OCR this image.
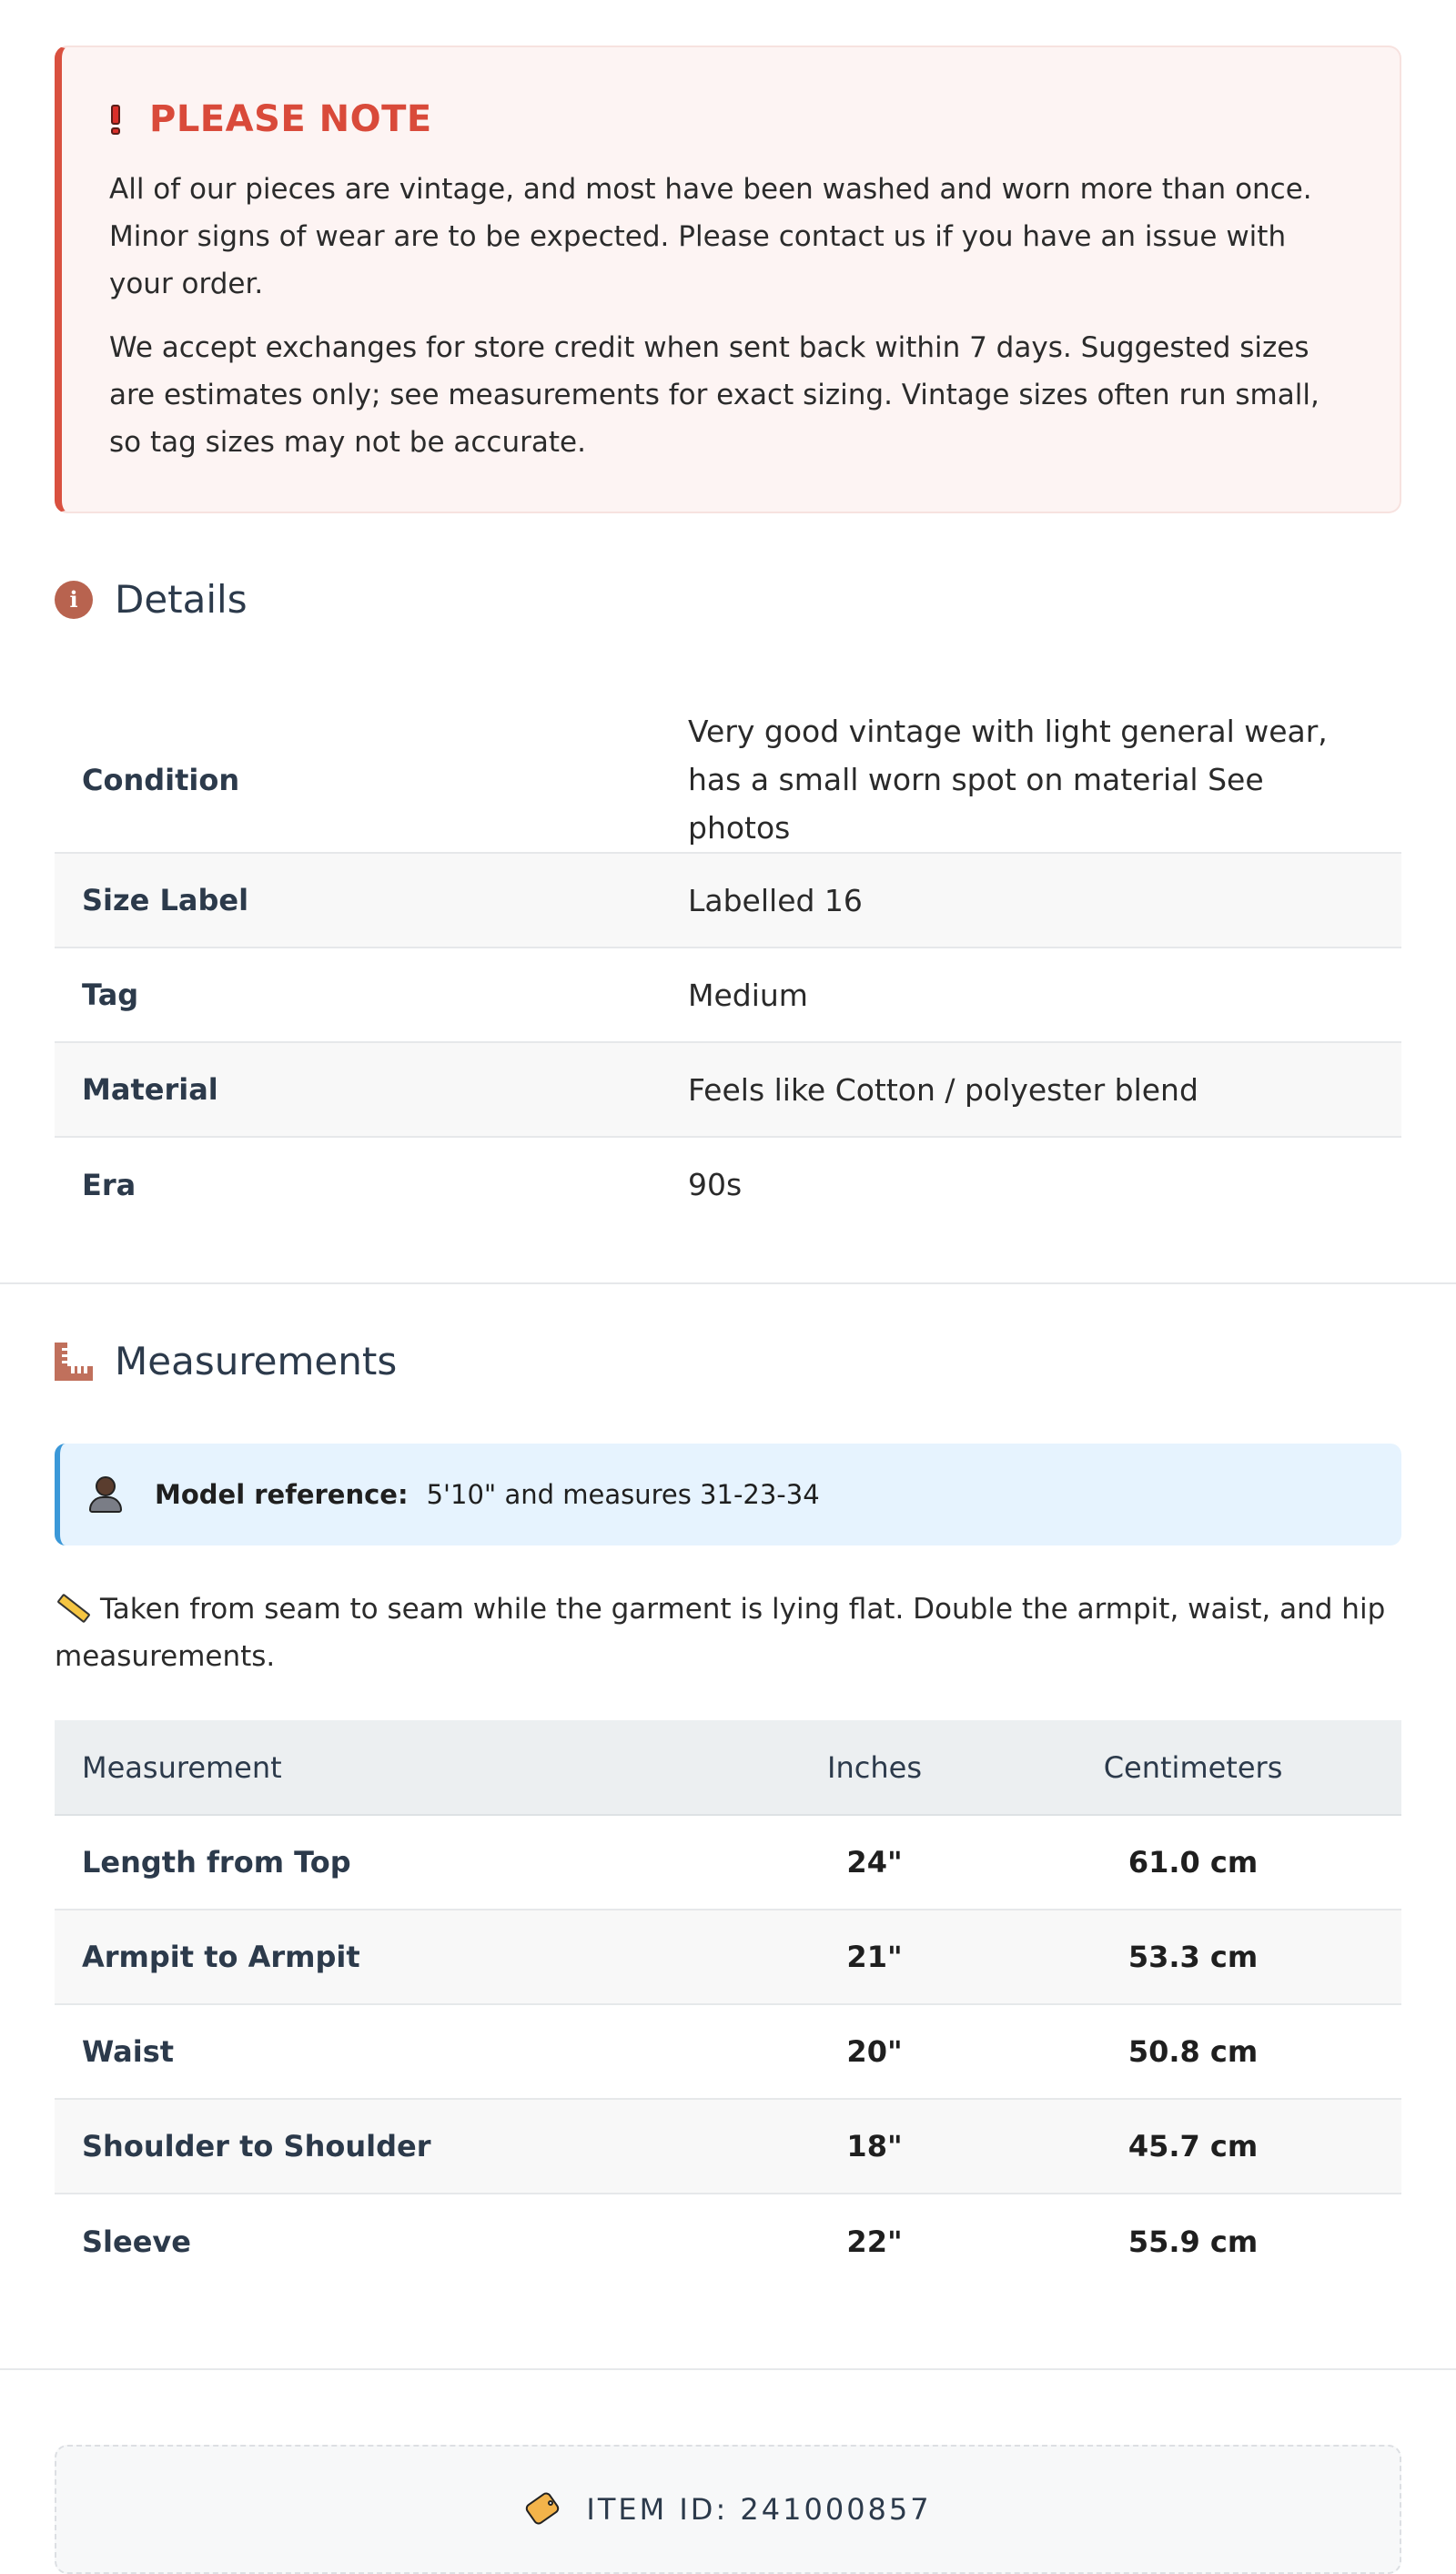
PLEASE NOTE

All of our pieces are vintage, and most have been washed and worn more than once. Minor signs of wear are to be expected. Please contact us if you have an issue with your order.

We accept exchanges for store credit when sent back within 7 days. Suggested sizes are estimates only; see measurements for exact sizing. Vintage sizes often run small, so tag sizes may not be accurate.

i Details
Condition	Very good vintage with light general wear, has a small worn spot on material See photos
Size Label	Labelled 16
Tag	Medium
Material	Feels like Cotton / polyester blend
Era	90s
Measurements
Model reference: 5'10" and measures 31-23-34

Taken from seam to seam while the garment is lying flat. Double the armpit, waist, and hip measurements.

Measurement	Inches	Centimeters
Length from Top	24"	61.0 cm
Armpit to Armpit	21"	53.3 cm
Waist	20"	50.8 cm
Shoulder to Shoulder	18"	45.7 cm
Sleeve	22"	55.9 cm
ITEM ID: 241000857
